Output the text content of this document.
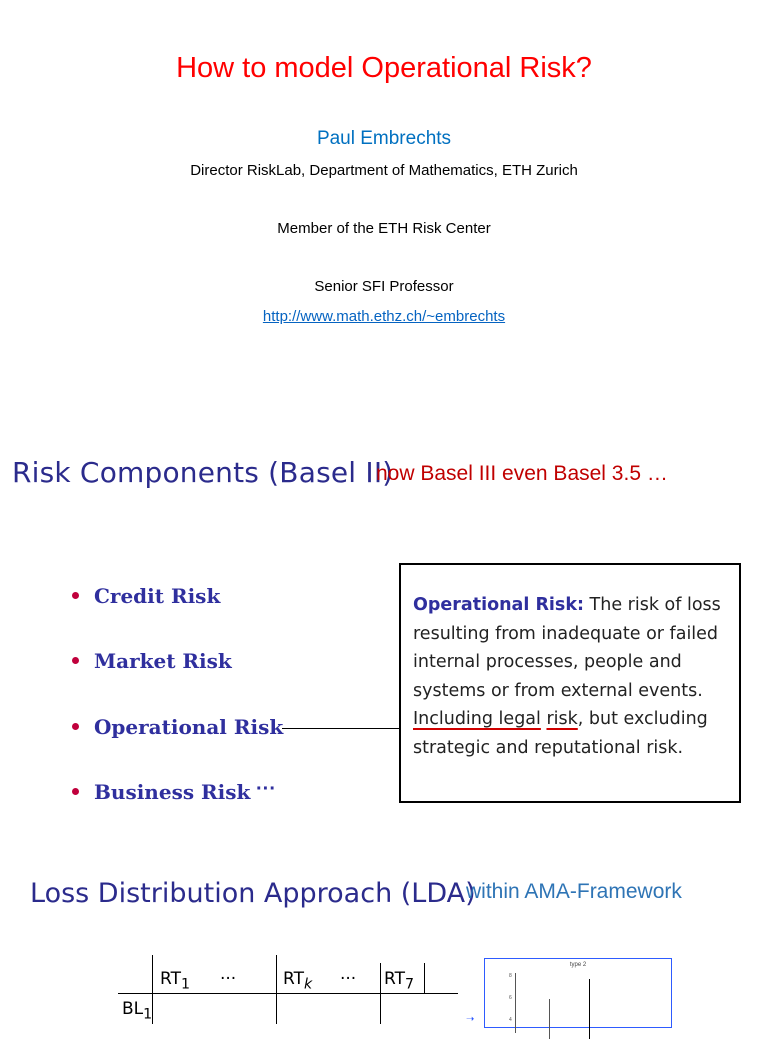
How to model Operational Risk?
Paul Embrechts
Director RiskLab, Department of Mathematics, ETH Zurich
Member of the ETH Risk Center
Senior SFI Professor
http://www.math.ethz.ch/~embrechts
Risk Components (Basel II)
now Basel III even Basel 3.5 …
Credit Risk
Market Risk
Operational Risk
Business Risk ···
Operational Risk: The risk of loss resulting from inadequate or failed internal processes, people and systems or from external events. Including legal risk, but excluding strategic and reputational risk.
Loss Distribution Approach (LDA)
within AMA-Framework
$RT_1$ ···	$RT_k$ ··· $RT_7$
$BL_1$	➝
type 2
8
6
4
